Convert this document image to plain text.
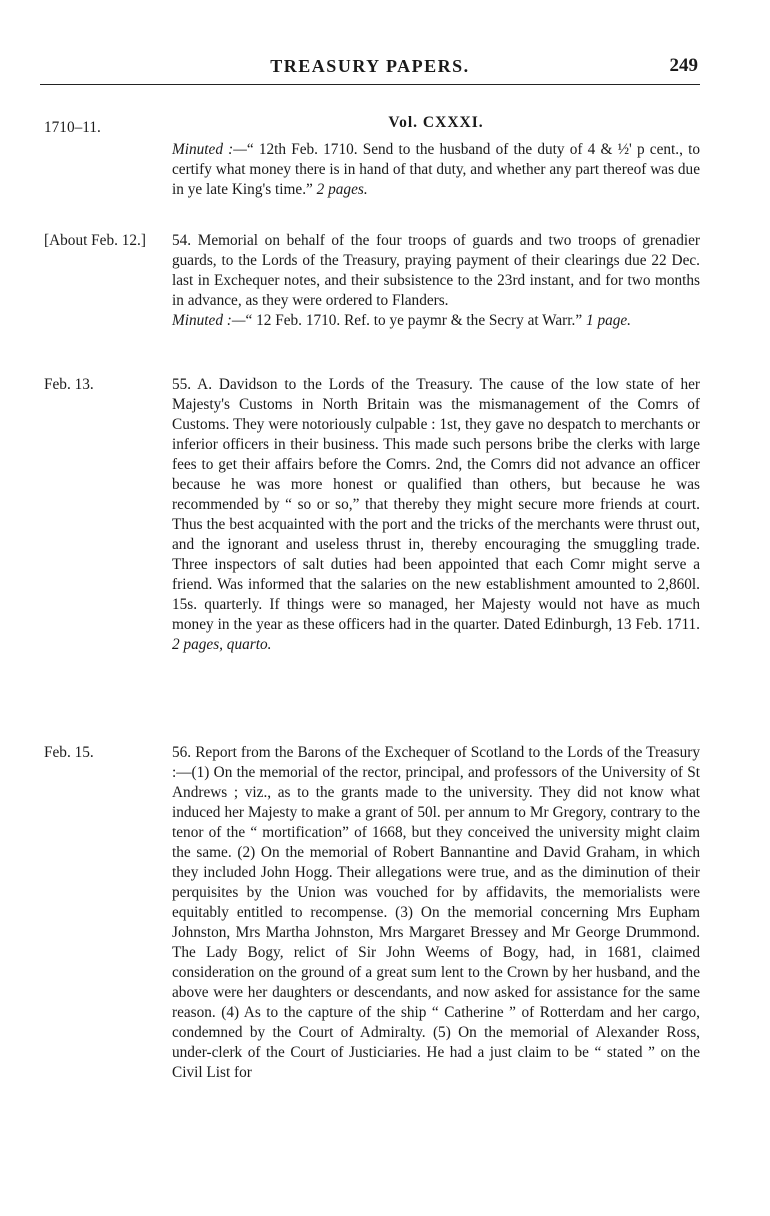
TREASURY PAPERS.	249
Vol. CXXXI.
1710–11.

Minuted :—“ 12th Feb. 1710. Send to the husband of the duty of 4 & ½' p cent., to certify what money there is in hand of that duty, and whether any part thereof was due in ye late King's time.” 2 pages.

[About Feb. 12.]	54. Memorial on behalf of the four troops of guards and two troops of grenadier guards, to the Lords of the Treasury, praying payment of their clearings due 22 Dec. last in Exchequer notes, and their subsistence to the 23rd instant, and for two months in advance, as they were ordered to Flanders.

Minuted :—“ 12 Feb. 1710. Ref. to ye paymr & the Secry at Warr.” 1 page.

Feb. 13.	55. A. Davidson to the Lords of the Treasury. The cause of the low state of her Majesty's Customs in North Britain was the mismanagement of the Comrs of Customs. They were notoriously culpable : 1st, they gave no despatch to merchants or inferior officers in their business. This made such persons bribe the clerks with large fees to get their affairs before the Comrs. 2nd, the Comrs did not advance an officer because he was more honest or qualified than others, but because he was recommended by “ so or so,” that thereby they might secure more friends at court. Thus the best acquainted with the port and the tricks of the merchants were thrust out, and the ignorant and useless thrust in, thereby encouraging the smuggling trade. Three inspectors of salt duties had been appointed that each Comr might serve a friend. Was informed that the salaries on the new establishment amounted to 2,860l. 15s. quarterly. If things were so managed, her Majesty would not have as much money in the year as these officers had in the quarter. Dated Edinburgh, 13 Feb. 1711. 2 pages, quarto.

Feb. 15.	56. Report from the Barons of the Exchequer of Scotland to the Lords of the Treasury :—(1) On the memorial of the rector, principal, and professors of the University of St Andrews ; viz., as to the grants made to the university. They did not know what induced her Majesty to make a grant of 50l. per annum to Mr Gregory, contrary to the tenor of the “ mortification” of 1668, but they conceived the university might claim the same. (2) On the memorial of Robert Bannantine and David Graham, in which they included John Hogg. Their allegations were true, and as the diminution of their perquisites by the Union was vouched for by affidavits, the memorialists were equitably entitled to recompense. (3) On the memorial concerning Mrs Eupham Johnston, Mrs Martha Johnston, Mrs Margaret Bressey and Mr George Drummond. The Lady Bogy, relict of Sir John Weems of Bogy, had, in 1681, claimed consideration on the ground of a great sum lent to the Crown by her husband, and the above were her daughters or descendants, and now asked for assistance for the same reason. (4) As to the capture of the ship “ Catherine ” of Rotterdam and her cargo, condemned by the Court of Admiralty. (5) On the memorial of Alexander Ross, under-clerk of the Court of Justiciaries. He had a just claim to be “ stated ” on the Civil List for
